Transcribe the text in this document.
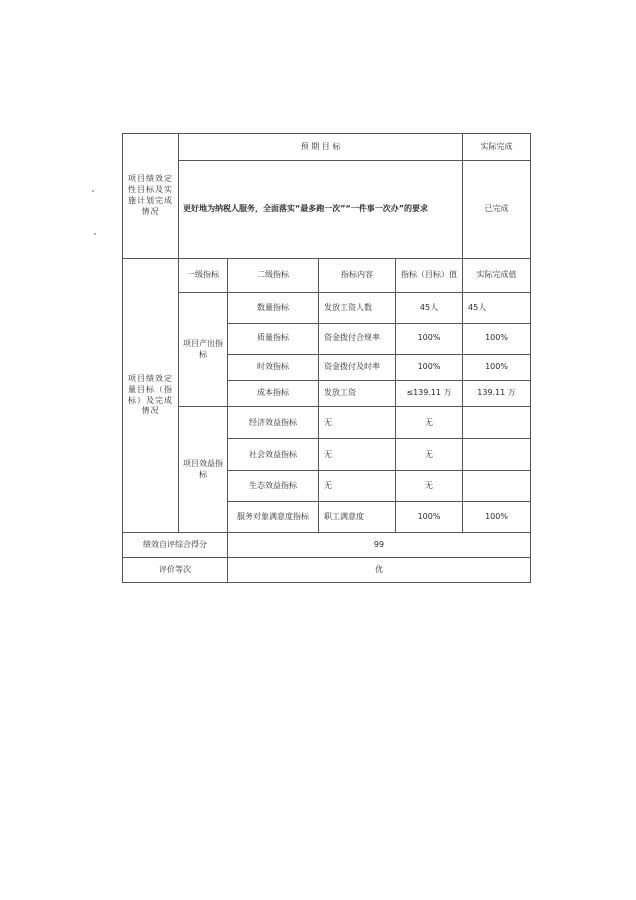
项目绩效定性目标及实施计划完成情况	预 期 目 标				实际完成
	更好地为纳税人服务，全面落实“最多跑一次”“一件事一次办”的要求				已完成
项目绩效定量目标（指标）及完成情况	一级指标	二级指标	指标内容	指标（目标）值	实际完成值
	项目产出指标	数量指标	发放工资人数	45人	45人
		质量指标	资金拨付合规率	100%	100%
		时效指标	资金拨付及时率	100%	100%
		成本指标	发放工资	≤139.11 万	139.11 万
	项目效益指标	经济效益指标	无	无	
		社会效益指标	无	无	
		生态效益指标	无	无	
		服务对象满意度指标	职工满意度	100%	100%
绩效自评综合得分		99			
评价等次		优			
